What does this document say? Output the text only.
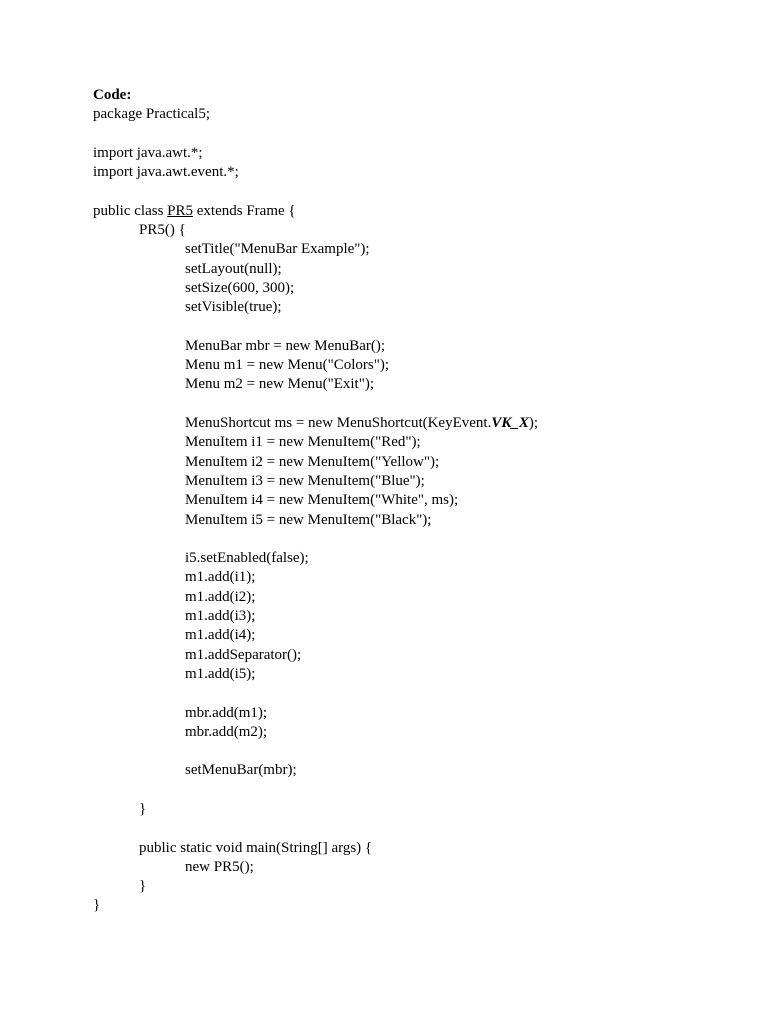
Code:
package Practical5;
import java.awt.*;
import java.awt.event.*;
public class PR5 extends Frame {
PR5() {
setTitle("MenuBar Example");
setLayout(null);
setSize(600, 300);
setVisible(true);
MenuBar mbr = new MenuBar();
Menu m1 = new Menu("Colors");
Menu m2 = new Menu("Exit");
MenuShortcut ms = new MenuShortcut(KeyEvent.VK_X);
MenuItem i1 = new MenuItem("Red");
MenuItem i2 = new MenuItem("Yellow");
MenuItem i3 = new MenuItem("Blue");
MenuItem i4 = new MenuItem("White", ms);
MenuItem i5 = new MenuItem("Black");
i5.setEnabled(false);
m1.add(i1);
m1.add(i2);
m1.add(i3);
m1.add(i4);
m1.addSeparator();
m1.add(i5);
mbr.add(m1);
mbr.add(m2);
setMenuBar(mbr);
}
public static void main(String[] args) {
new PR5();
}
}
